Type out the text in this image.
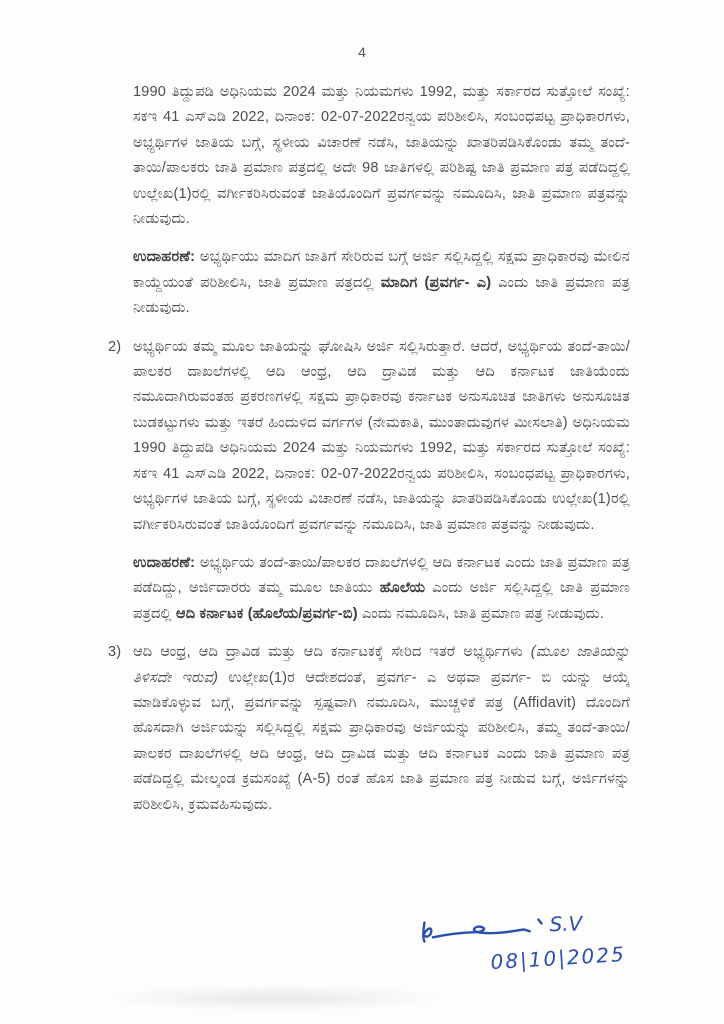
4

1990 ತಿದ್ದುಪಡಿ ಅಧಿನಿಯಮ 2024 ಮತ್ತು ನಿಯಮಗಳು 1992, ಮತ್ತು ಸರ್ಕಾರದ ಸುತ್ತೋಲೆ ಸಂಖ್ಯೆ: ಸಕಇ 41 ಎಸ್ಎಡಿ 2022, ದಿನಾಂಕ: 02-07-2022ರನ್ವಯ ಪರಿಶೀಲಿಸಿ, ಸಂಬಂಧಪಟ್ಟ ಪ್ರಾಧಿಕಾರಗಳು, ಅಭ್ಯರ್ಥಿಗಳ ಜಾತಿಯ ಬಗ್ಗೆ, ಸ್ಥಳೀಯ ವಿಚಾರಣೆ ನಡೆಸಿ, ಜಾತಿಯನ್ನು ಖಾತರಿಪಡಿಸಿಕೊಂಡು ತಮ್ಮ ತಂದೆ-ತಾಯಿ/ಪಾಲಕರು ಜಾತಿ ಪ್ರಮಾಣ ಪತ್ರದಲ್ಲಿ ಅದೇ 98 ಜಾತಿಗಳಲ್ಲಿ ಪರಿಶಿಷ್ಟ ಜಾತಿ ಪ್ರಮಾಣ ಪತ್ರ ಪಡೆದಿದ್ದಲ್ಲಿ ಉಲ್ಲೇಖ(1)ರಲ್ಲಿ ವರ್ಗೀಕರಿಸಿರುವಂತೆ ಜಾತಿಯೊಂದಿಗೆ ಪ್ರವರ್ಗವನ್ನು ನಮೂದಿಸಿ, ಜಾತಿ ಪ್ರಮಾಣ ಪತ್ರವನ್ನು ನೀಡುವುದು.

ಉದಾಹರಣೆ: ಅಭ್ಯರ್ಥಿಯು ಮಾದಿಗ ಜಾತಿಗೆ ಸೇರಿರುವ ಬಗ್ಗೆ ಅರ್ಜಿ ಸಲ್ಲಿಸಿದ್ದಲ್ಲಿ ಸಕ್ಷಮ ಪ್ರಾಧಿಕಾರವು ಮೇಲಿನ ಕಾಯ್ದೆಯಂತೆ ಪರಿಶೀಲಿಸಿ, ಜಾತಿ ಪ್ರಮಾಣ ಪತ್ರದಲ್ಲಿ ಮಾದಿಗ (ಪ್ರವರ್ಗ- ಎ) ಎಂದು ಜಾತಿ ಪ್ರಮಾಣ ಪತ್ರ ನೀಡುವುದು.

2) ಅಭ್ಯರ್ಥಿಯ ತಮ್ಮ ಮೂಲ ಜಾತಿಯನ್ನು ಘೋಷಿಸಿ ಅರ್ಜಿ ಸಲ್ಲಿಸಿರುತ್ತಾರೆ. ಆದರೆ, ಅಭ್ಯರ್ಥಿಯ ತಂದೆ-ತಾಯಿ/ಪಾಲಕರ ದಾಖಲೆಗಳಲ್ಲಿ ಆದಿ ಆಂಧ್ರ, ಆದಿ ದ್ರಾವಿಡ ಮತ್ತು ಆದಿ ಕರ್ನಾಟಕ ಜಾತಿಯೆಂದು ನಮೂದಾಗಿರುವಂತಹ ಪ್ರಕರಣಗಳಲ್ಲಿ ಸಕ್ಷಮ ಪ್ರಾಧಿಕಾರವು ಕರ್ನಾಟಕ ಅನುಸೂಚಿತ ಜಾತಿಗಳು ಅನುಸೂಚಿತ ಬುಡಕಟ್ಟುಗಳು ಮತ್ತು ಇತರೆ ಹಿಂದುಳಿದ ವರ್ಗಗಳ (ನೇಮಕಾತಿ, ಮುಂತಾದುವುಗಳ ಮೀಸಲಾತಿ) ಅಧಿನಿಯಮ 1990 ತಿದ್ದುಪಡಿ ಅಧಿನಿಯಮ 2024 ಮತ್ತು ನಿಯಮಗಳು 1992, ಮತ್ತು ಸರ್ಕಾರದ ಸುತ್ತೋಲೆ ಸಂಖ್ಯೆ: ಸಕಇ 41 ಎಸ್ಎಡಿ 2022, ದಿನಾಂಕ: 02-07-2022ರನ್ವಯ ಪರಿಶೀಲಿಸಿ, ಸಂಬಂಧಪಟ್ಟ ಪ್ರಾಧಿಕಾರಗಳು, ಅಭ್ಯರ್ಥಿಗಳ ಜಾತಿಯ ಬಗ್ಗೆ, ಸ್ಥಳೀಯ ವಿಚಾರಣೆ ನಡೆಸಿ, ಜಾತಿಯನ್ನು ಖಾತರಿಪಡಿಸಿಕೊಂಡು ಉಲ್ಲೇಖ(1)ರಲ್ಲಿ ವರ್ಗೀಕರಿಸಿರುವಂತೆ ಜಾತಿಯೊಂದಿಗೆ ಪ್ರವರ್ಗವನ್ನು ನಮೂದಿಸಿ, ಜಾತಿ ಪ್ರಮಾಣ ಪತ್ರವನ್ನು ನೀಡುವುದು.

ಉದಾಹರಣೆ: ಅಭ್ಯರ್ಥಿಯ ತಂದೆ-ತಾಯಿ/ಪಾಲಕರ ದಾಖಲೆಗಳಲ್ಲಿ ಆದಿ ಕರ್ನಾಟಕ ಎಂದು ಜಾತಿ ಪ್ರಮಾಣ ಪತ್ರ ಪಡೆದಿದ್ದು, ಅರ್ಜಿದಾರರು ತಮ್ಮ ಮೂಲ ಜಾತಿಯು ಹೊಲೆಯ ಎಂದು ಅರ್ಜಿ ಸಲ್ಲಿಸಿದ್ದಲ್ಲಿ ಜಾತಿ ಪ್ರಮಾಣ ಪತ್ರದಲ್ಲಿ ಆದಿ ಕರ್ನಾಟಕ (ಹೊಲೆಯ/ಪ್ರವರ್ಗ-ಬಿ) ಎಂದು ನಮೂದಿಸಿ, ಜಾತಿ ಪ್ರಮಾಣ ಪತ್ರ ನೀಡುವುದು.

3) ಆದಿ ಆಂಧ್ರ, ಆದಿ ದ್ರಾವಿಡ ಮತ್ತು ಆದಿ ಕರ್ನಾಟಕಕ್ಕೆ ಸೇರಿದ ಇತರೆ ಅಭ್ಯರ್ಥಿಗಳು (ಮೂಲ ಜಾತಿಯನ್ನು ತಿಳಿಸದೇ ಇರುವ) ಉಲ್ಲೇಖ(1)ರ ಆದೇಶದಂತೆ, ಪ್ರವರ್ಗ- ಎ ಅಥವಾ ಪ್ರವರ್ಗ- ಬಿ ಯನ್ನು ಆಯ್ಕೆ ಮಾಡಿಕೊಳ್ಳುವ ಬಗ್ಗೆ, ಪ್ರವರ್ಗವನ್ನು ಸ್ಪಷ್ಟವಾಗಿ ನಮೂದಿಸಿ, ಮುಚ್ಚಳಿಕೆ ಪತ್ರ (Affidavit) ದೊಂದಿಗೆ ಹೊಸದಾಗಿ ಅರ್ಜಿಯನ್ನು ಸಲ್ಲಿಸಿದ್ದಲ್ಲಿ ಸಕ್ಷಮ ಪ್ರಾಧಿಕಾರವು ಅರ್ಜಿಯನ್ನು ಪರಿಶೀಲಿಸಿ, ತಮ್ಮ ತಂದೆ-ತಾಯಿ/ಪಾಲಕರ ದಾಖಲೆಗಳಲ್ಲಿ ಆದಿ ಆಂಧ್ರ, ಆದಿ ದ್ರಾವಿಡ ಮತ್ತು ಆದಿ ಕರ್ನಾಟಕ ಎಂದು ಜಾತಿ ಪ್ರಮಾಣ ಪತ್ರ ಪಡೆದಿದ್ದಲ್ಲಿ ಮೇಲ್ಕಂಡ ಕ್ರಮಸಂಖ್ಯೆ (A-5) ರಂತೆ ಹೊಸ ಜಾತಿ ಪ್ರಮಾಣ ಪತ್ರ ನೀಡುವ ಬಗ್ಗೆ, ಅರ್ಜಿಗಳನ್ನು ಪರಿಶೀಲಿಸಿ, ಕ್ರಮವಹಿಸುವುದು.
S.V
08|10|2025
